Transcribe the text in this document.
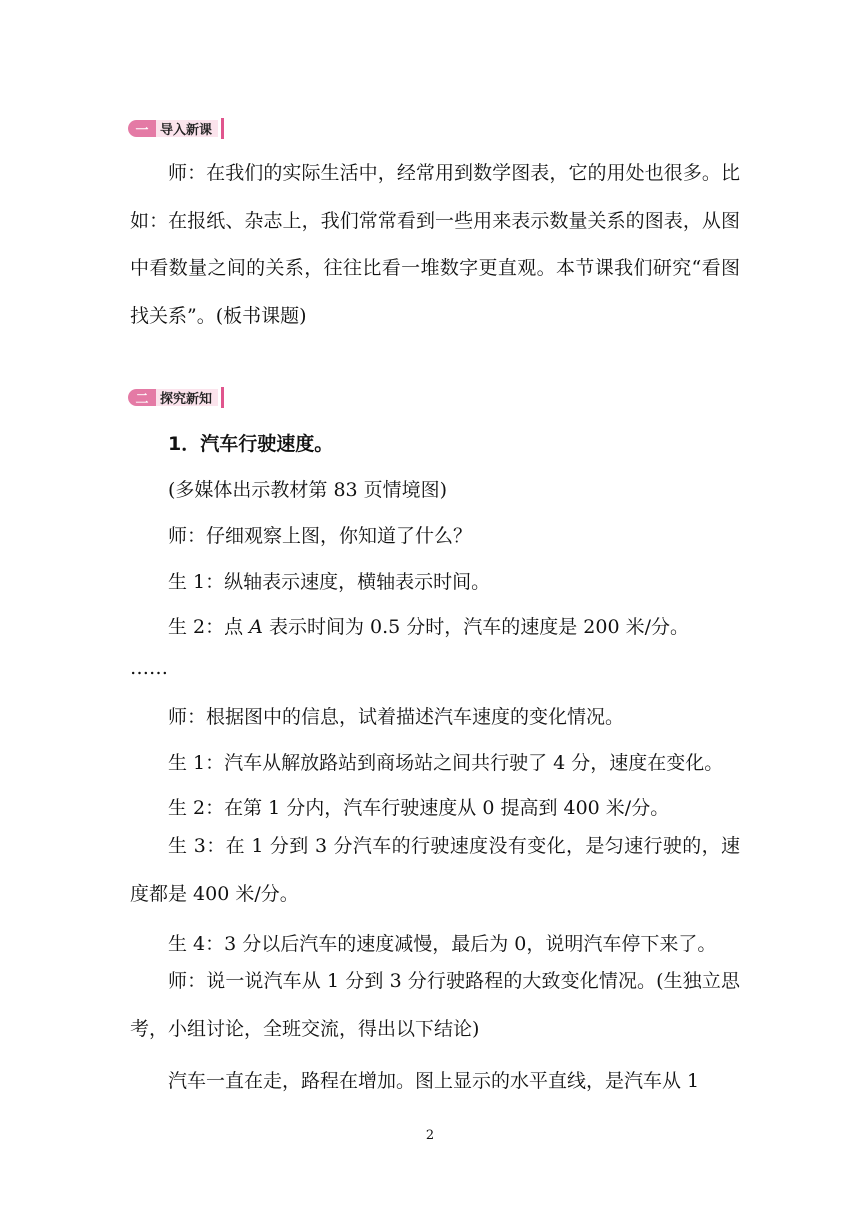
一 导入新课

师：在我们的实际生活中，经常用到数学图表，它的用处也很多。比如：在报纸、杂志上，我们常常看到一些用来表示数量关系的图表，从图中看数量之间的关系，往往比看一堆数字更直观。本节课我们研究“看图找关系”。(板书课题)

二 探究新知

1．汽车行驶速度。

(多媒体出示教材第 83 页情境图)

师：仔细观察上图，你知道了什么？

生 1：纵轴表示速度，横轴表示时间。

生 2：点 A 表示时间为 0.5 分时，汽车的速度是 200 米/分。

……

师：根据图中的信息，试着描述汽车速度的变化情况。

生 1：汽车从解放路站到商场站之间共行驶了 4 分，速度在变化。

生 2：在第 1 分内，汽车行驶速度从 0 提高到 400 米/分。

生 3：在 1 分到 3 分汽车的行驶速度没有变化，是匀速行驶的，速度都是 400 米/分。

生 4：3 分以后汽车的速度减慢，最后为 0，说明汽车停下来了。

师：说一说汽车从 1 分到 3 分行驶路程的大致变化情况。(生独立思考，小组讨论，全班交流，得出以下结论)

汽车一直在走，路程在增加。图上显示的水平直线，是汽车从 1

2
